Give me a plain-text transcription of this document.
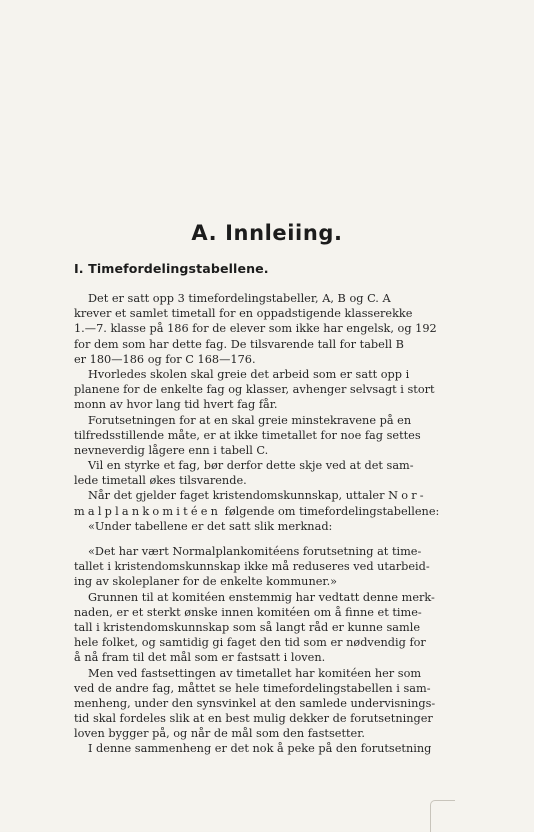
A. Innleiing.
I. Timefordelingstabellene.
Det er satt opp 3 timefordelingstabeller, A, B og C. A
krever et samlet timetall for en oppadstigende klasserekke
1.—7. klasse på 186 for de elever som ikke har engelsk, og 192
for dem som har dette fag. De tilsvarende tall for tabell B
er 180—186 og for C 168—176.
Hvorledes skolen skal greie det arbeid som er satt opp i
planene for de enkelte fag og klasser, avhenger selvsagt i stort
monn av hvor lang tid hvert fag får.
Forutsetningen for at en skal greie minstekravene på en
tilfredsstillende måte, er at ikke timetallet for noe fag settes
nevneverdig lågere enn i tabell C.
Vil en styrke et fag, bør derfor dette skje ved at det sam-
lede timetall økes tilsvarende.
Når det gjelder faget kristendomskunnskap, uttaler Nor-
malplankomitéen følgende om timefordelingstabellene:
«Under tabellene er det satt slik merknad:
«Det har vært Normalplankomitéens forutsetning at time-
tallet i kristendomskunnskap ikke må reduseres ved utarbeid-
ing av skoleplaner for de enkelte kommuner.»
Grunnen til at komitéen enstemmig har vedtatt denne merk-
naden, er et sterkt ønske innen komitéen om å finne et time-
tall i kristendomskunnskap som så langt råd er kunne samle
hele folket, og samtidig gi faget den tid som er nødvendig for
å nå fram til det mål som er fastsatt i loven.
Men ved fastsettingen av timetallet har komitéen her som
ved de andre fag, måttet se hele timefordelingstabellen i sam-
menheng, under den synsvinkel at den samlede undervisnings-
tid skal fordeles slik at en best mulig dekker de forutsetninger
loven bygger på, og når de mål som den fastsetter.
I denne sammenheng er det nok å peke på den forutsetning
